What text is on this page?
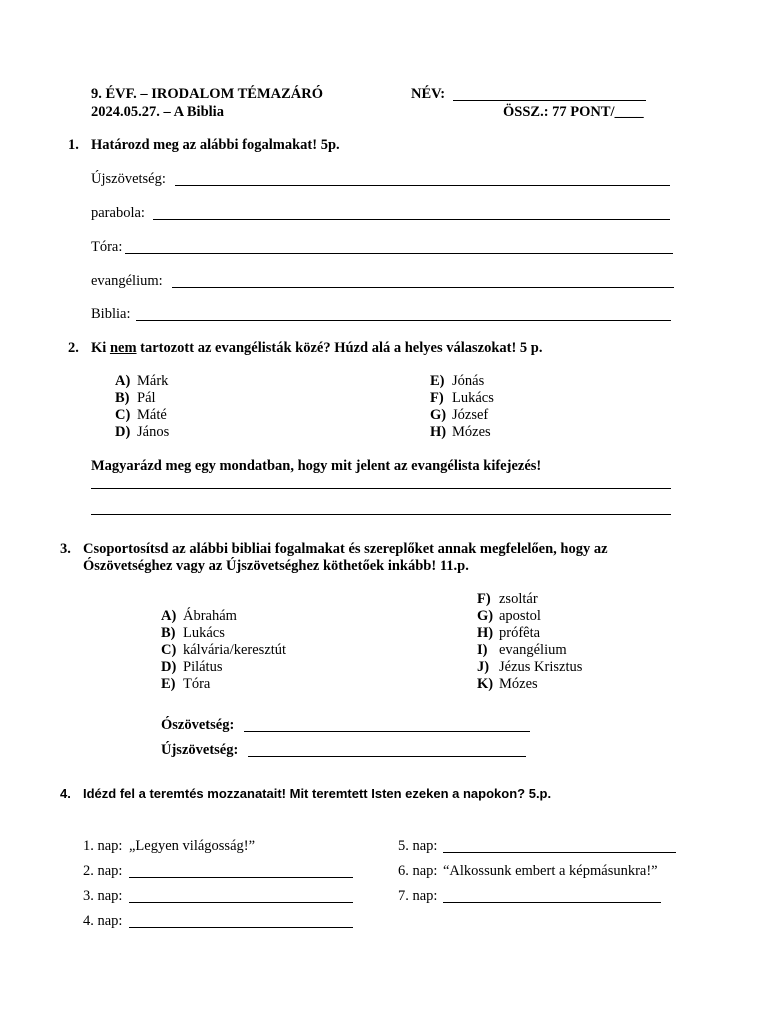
9. ÉVF. – IRODALOM TÉMAZÁRÓ
2024.05.27. – A Biblia
NÉV:
ÖSSZ.: 77 PONT/____
1. Határozd meg az alábbi fogalmakat! 5p.
Újszövetség:
parabola:
Tóra:
evangélium:
Biblia:
2. Ki nem tartozott az evangélisták közé? Húzd alá a helyes válaszokat! 5 p.
A) Márk
B) Pál
C) Máté
D) János
E) Jónás
F) Lukács
G) József
H) Mózes
Magyarázd meg egy mondatban, hogy mit jelent az evangélista kifejezés!
3. Csoportosítsd az alábbi bibliai fogalmakat és szereplőket annak megfelelően, hogy az
Ószövetséghez vagy az Újszövetséghez köthetőek inkább! 11.p.
A) Ábrahám
B) Lukács
C) kálvária/keresztút
D) Pilátus
E) Tóra
F) zsoltár
G) apostol
H) prófêta
I) evangélium
J) Jézus Krisztus
K) Mózes
Ószövetség:
Újszövetség:
4. Idézd fel a teremtés mozzanatait! Mit teremtett Isten ezeken a napokon? 5.p.
1. nap: „Legyen világosság!”
2. nap:
3. nap:
4. nap:
5. nap:
6. nap: “Alkossunk embert a képmásunkra!”
7. nap:
